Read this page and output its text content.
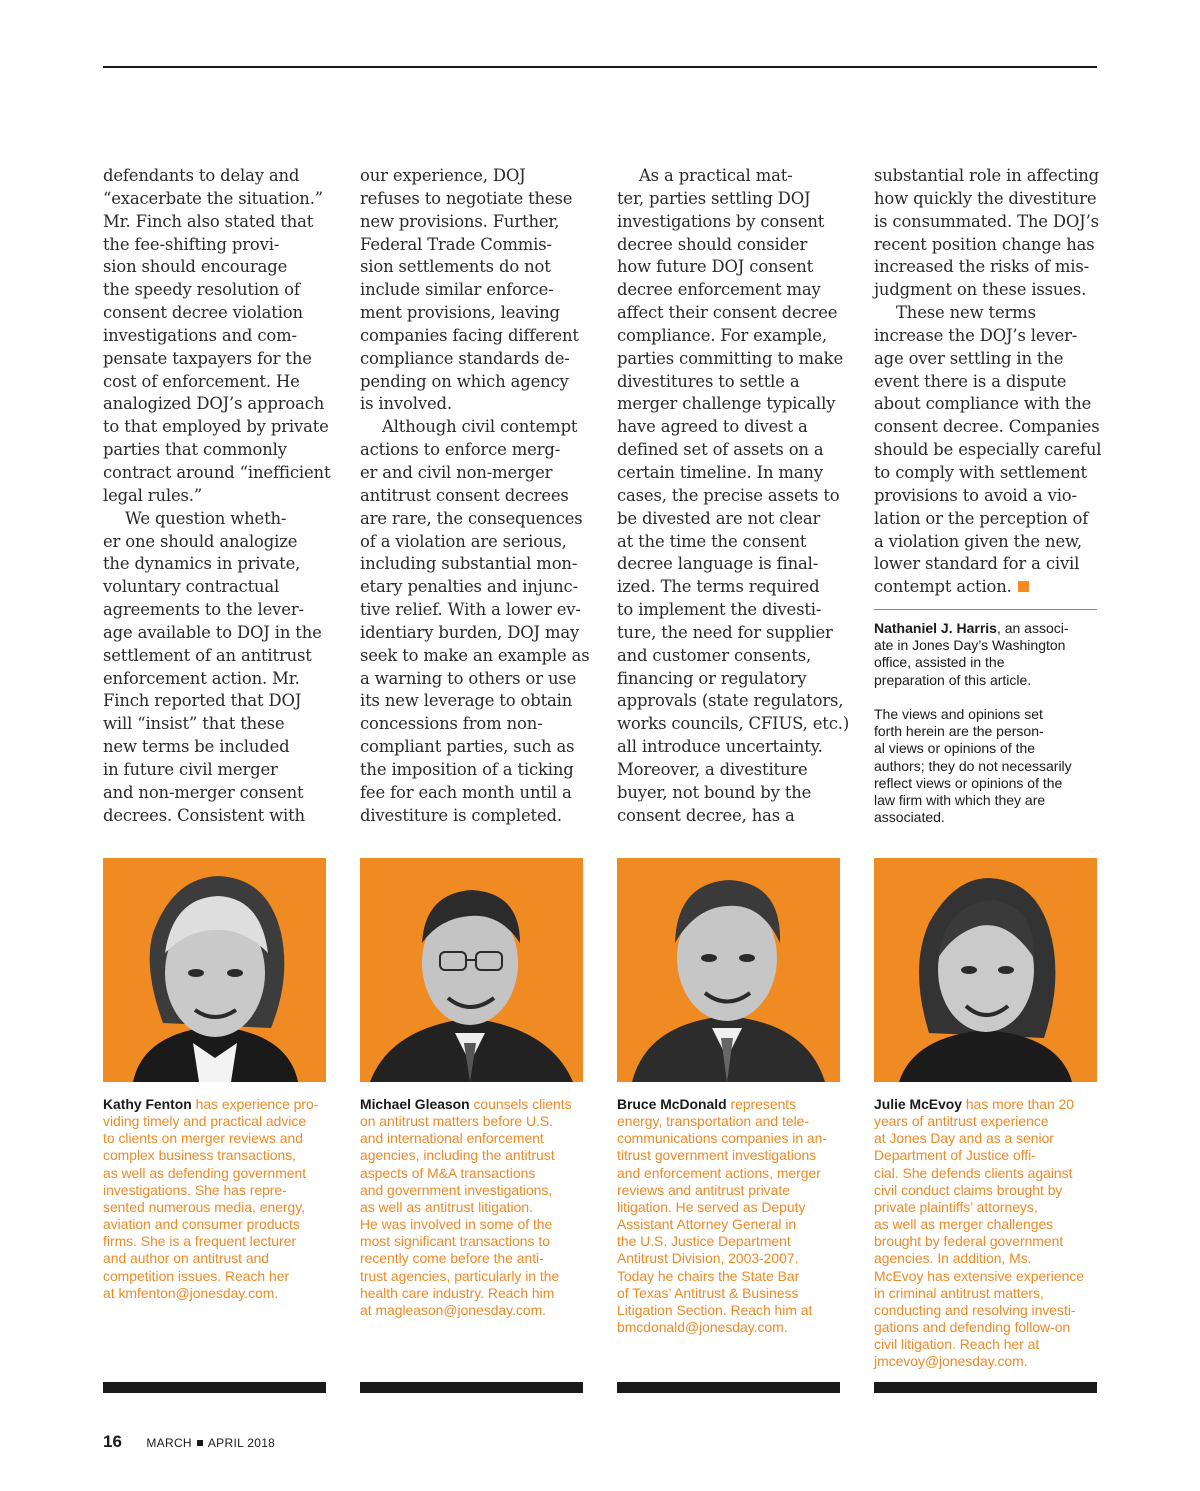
defendants to delay and

“exacerbate the situation.”

Mr. Finch also stated that

the fee-shifting provi-

sion should encourage

the speedy resolution of

consent decree violation

investigations and com-

pensate taxpayers for the

cost of enforcement. He

analogized DOJ’s approach

to that employed by private

parties that commonly

contract around “inefficient

legal rules.”

We question wheth-

er one should analogize

the dynamics in private,

voluntary contractual

agreements to the lever-

age available to DOJ in the

settlement of an antitrust

enforcement action. Mr.

Finch reported that DOJ

will “insist” that these

new terms be included

in future civil merger

and non-merger consent

decrees. Consistent with

our experience, DOJ

refuses to negotiate these

new provisions. Further,

Federal Trade Commis-

sion settlements do not

include similar enforce-

ment provisions, leaving

companies facing different

compliance standards de-

pending on which agency

is involved.

Although civil contempt

actions to enforce merg-

er and civil non-merger

antitrust consent decrees

are rare, the consequences

of a violation are serious,

including substantial mon-

etary penalties and injunc-

tive relief. With a lower ev-

identiary burden, DOJ may

seek to make an example as

a warning to others or use

its new leverage to obtain

concessions from non-

compliant parties, such as

the imposition of a ticking

fee for each month until a

divestiture is completed.

As a practical mat-

ter, parties settling DOJ

investigations by consent

decree should consider

how future DOJ consent

decree enforcement may

affect their consent decree

compliance. For example,

parties committing to make

divestitures to settle a

merger challenge typically

have agreed to divest a

defined set of assets on a

certain timeline. In many

cases, the precise assets to

be divested are not clear

at the time the consent

decree language is final-

ized. The terms required

to implement the divesti-

ture, the need for supplier

and customer consents,

financing or regulatory

approvals (state regulators,

works councils, CFIUS, etc.)

all introduce uncertainty.

Moreover, a divestiture

buyer, not bound by the

consent decree, has a

substantial role in affecting

how quickly the divestiture

is consummated. The DOJ’s

recent position change has

increased the risks of mis-

judgment on these issues.

These new terms

increase the DOJ’s lever-

age over settling in the

event there is a dispute

about compliance with the

consent decree. Companies

should be especially careful

to comply with settlement

provisions to avoid a vio-

lation or the perception of

a violation given the new,

lower standard for a civil

contempt action.

Nathaniel J. Harris, an associ-

ate in Jones Day’s Washington

office, assisted in the

preparation of this article.

The views and opinions set

forth herein are the person-

al views or opinions of the

authors; they do not necessarily

reflect views or opinions of the

law firm with which they are

associated.

Kathy Fenton has experience pro-

viding timely and practical advice

to clients on merger reviews and

complex business transactions,

as well as defending government

investigations. She has repre-

sented numerous media, energy,

aviation and consumer products

firms. She is a frequent lecturer

and author on antitrust and

competition issues. Reach her

at kmfenton@jonesday.com.

Michael Gleason counsels clients

on antitrust matters before U.S.

and international enforcement

agencies, including the antitrust

aspects of M&A transactions

and government investigations,

as well as antitrust litigation.

He was involved in some of the

most significant transactions to

recently come before the anti-

trust agencies, particularly in the

health care industry. Reach him

at magleason@jonesday.com.

Bruce McDonald represents

energy, transportation and tele-

communications companies in an-

titrust government investigations

and enforcement actions, merger

reviews and antitrust private

litigation. He served as Deputy

Assistant Attorney General in

the U.S. Justice Department

Antitrust Division, 2003-2007.

Today he chairs the State Bar

of Texas’ Antitrust & Business

Litigation Section. Reach him at

bmcdonald@jonesday.com.

Julie McEvoy has more than 20

years of antitrust experience

at Jones Day and as a senior

Department of Justice offi-

cial. She defends clients against

civil conduct claims brought by

private plaintiffs’ attorneys,

as well as merger challenges

brought by federal government

agencies. In addition, Ms.

McEvoy has extensive experience

in criminal antitrust matters,

conducting and resolving investi-

gations and defending follow-on

civil litigation. Reach her at

jmcevoy@jonesday.com.

16 MARCH APRIL 2018
